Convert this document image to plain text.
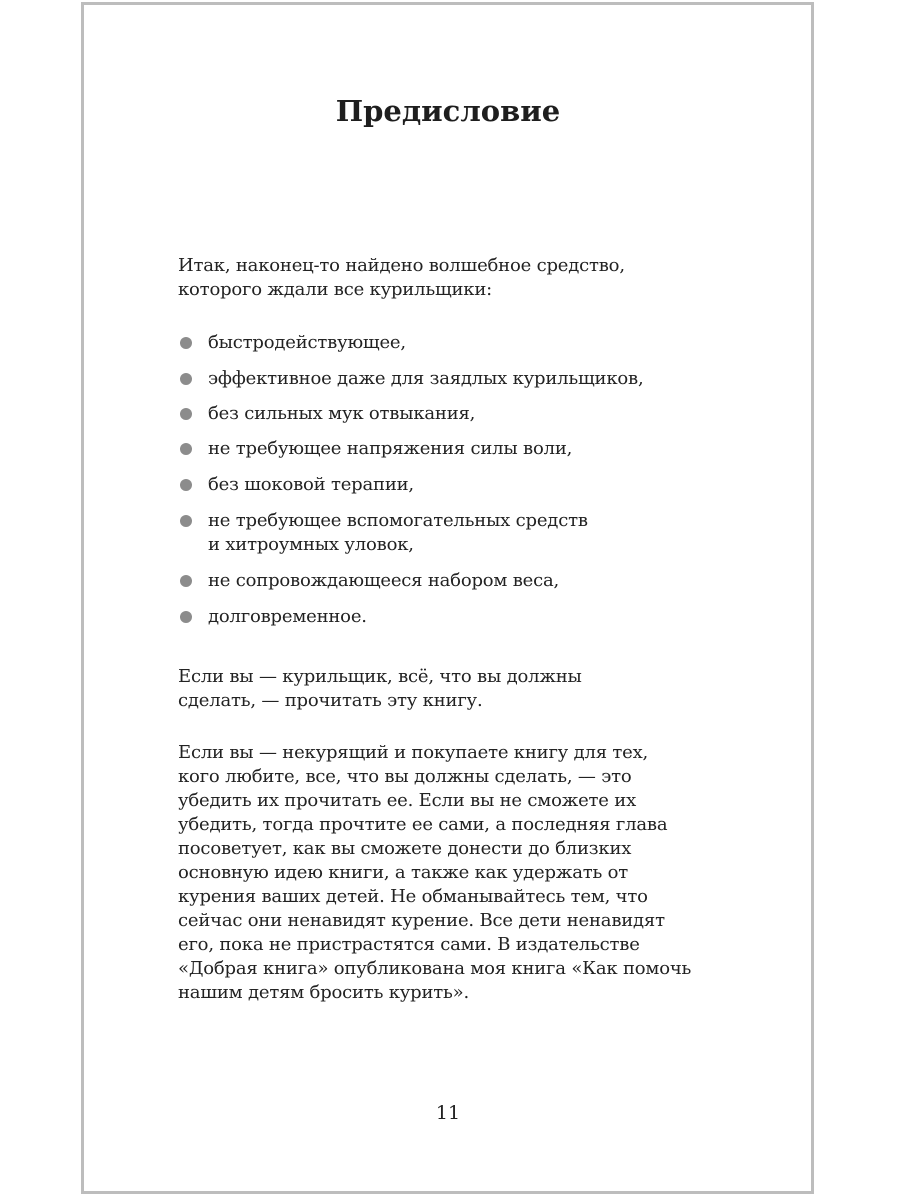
Предисловие

Итак, наконец-то найдено волшебное средство,
которого ждали все курильщики:

быстродействующее,
эффективное даже для заядлых курильщиков,
без сильных мук отвыкания,
не требующее напряжения силы воли,
без шоковой терапии,
не требующее вспомогательных средств
и хитроумных уловок,
не сопровождающееся набором веса,
долговременное.

Если вы — курильщик, всё, что вы должны
сделать, — прочитать эту книгу.

Если вы — некурящий и покупаете книгу для тех,
кого любите, все, что вы должны сделать, — это
убедить их прочитать ее. Если вы не сможете их
убедить, тогда прочтите ее сами, а последняя глава
посоветует, как вы сможете донести до близких
основную идею книги, а также как удержать от
курения ваших детей. Не обманывайтесь тем, что
сейчас они ненавидят курение. Все дети ненавидят
его, пока не пристрастятся сами. В издательстве
«Добрая книга» опубликована моя книга «Как помочь
нашим детям бросить курить».

11
